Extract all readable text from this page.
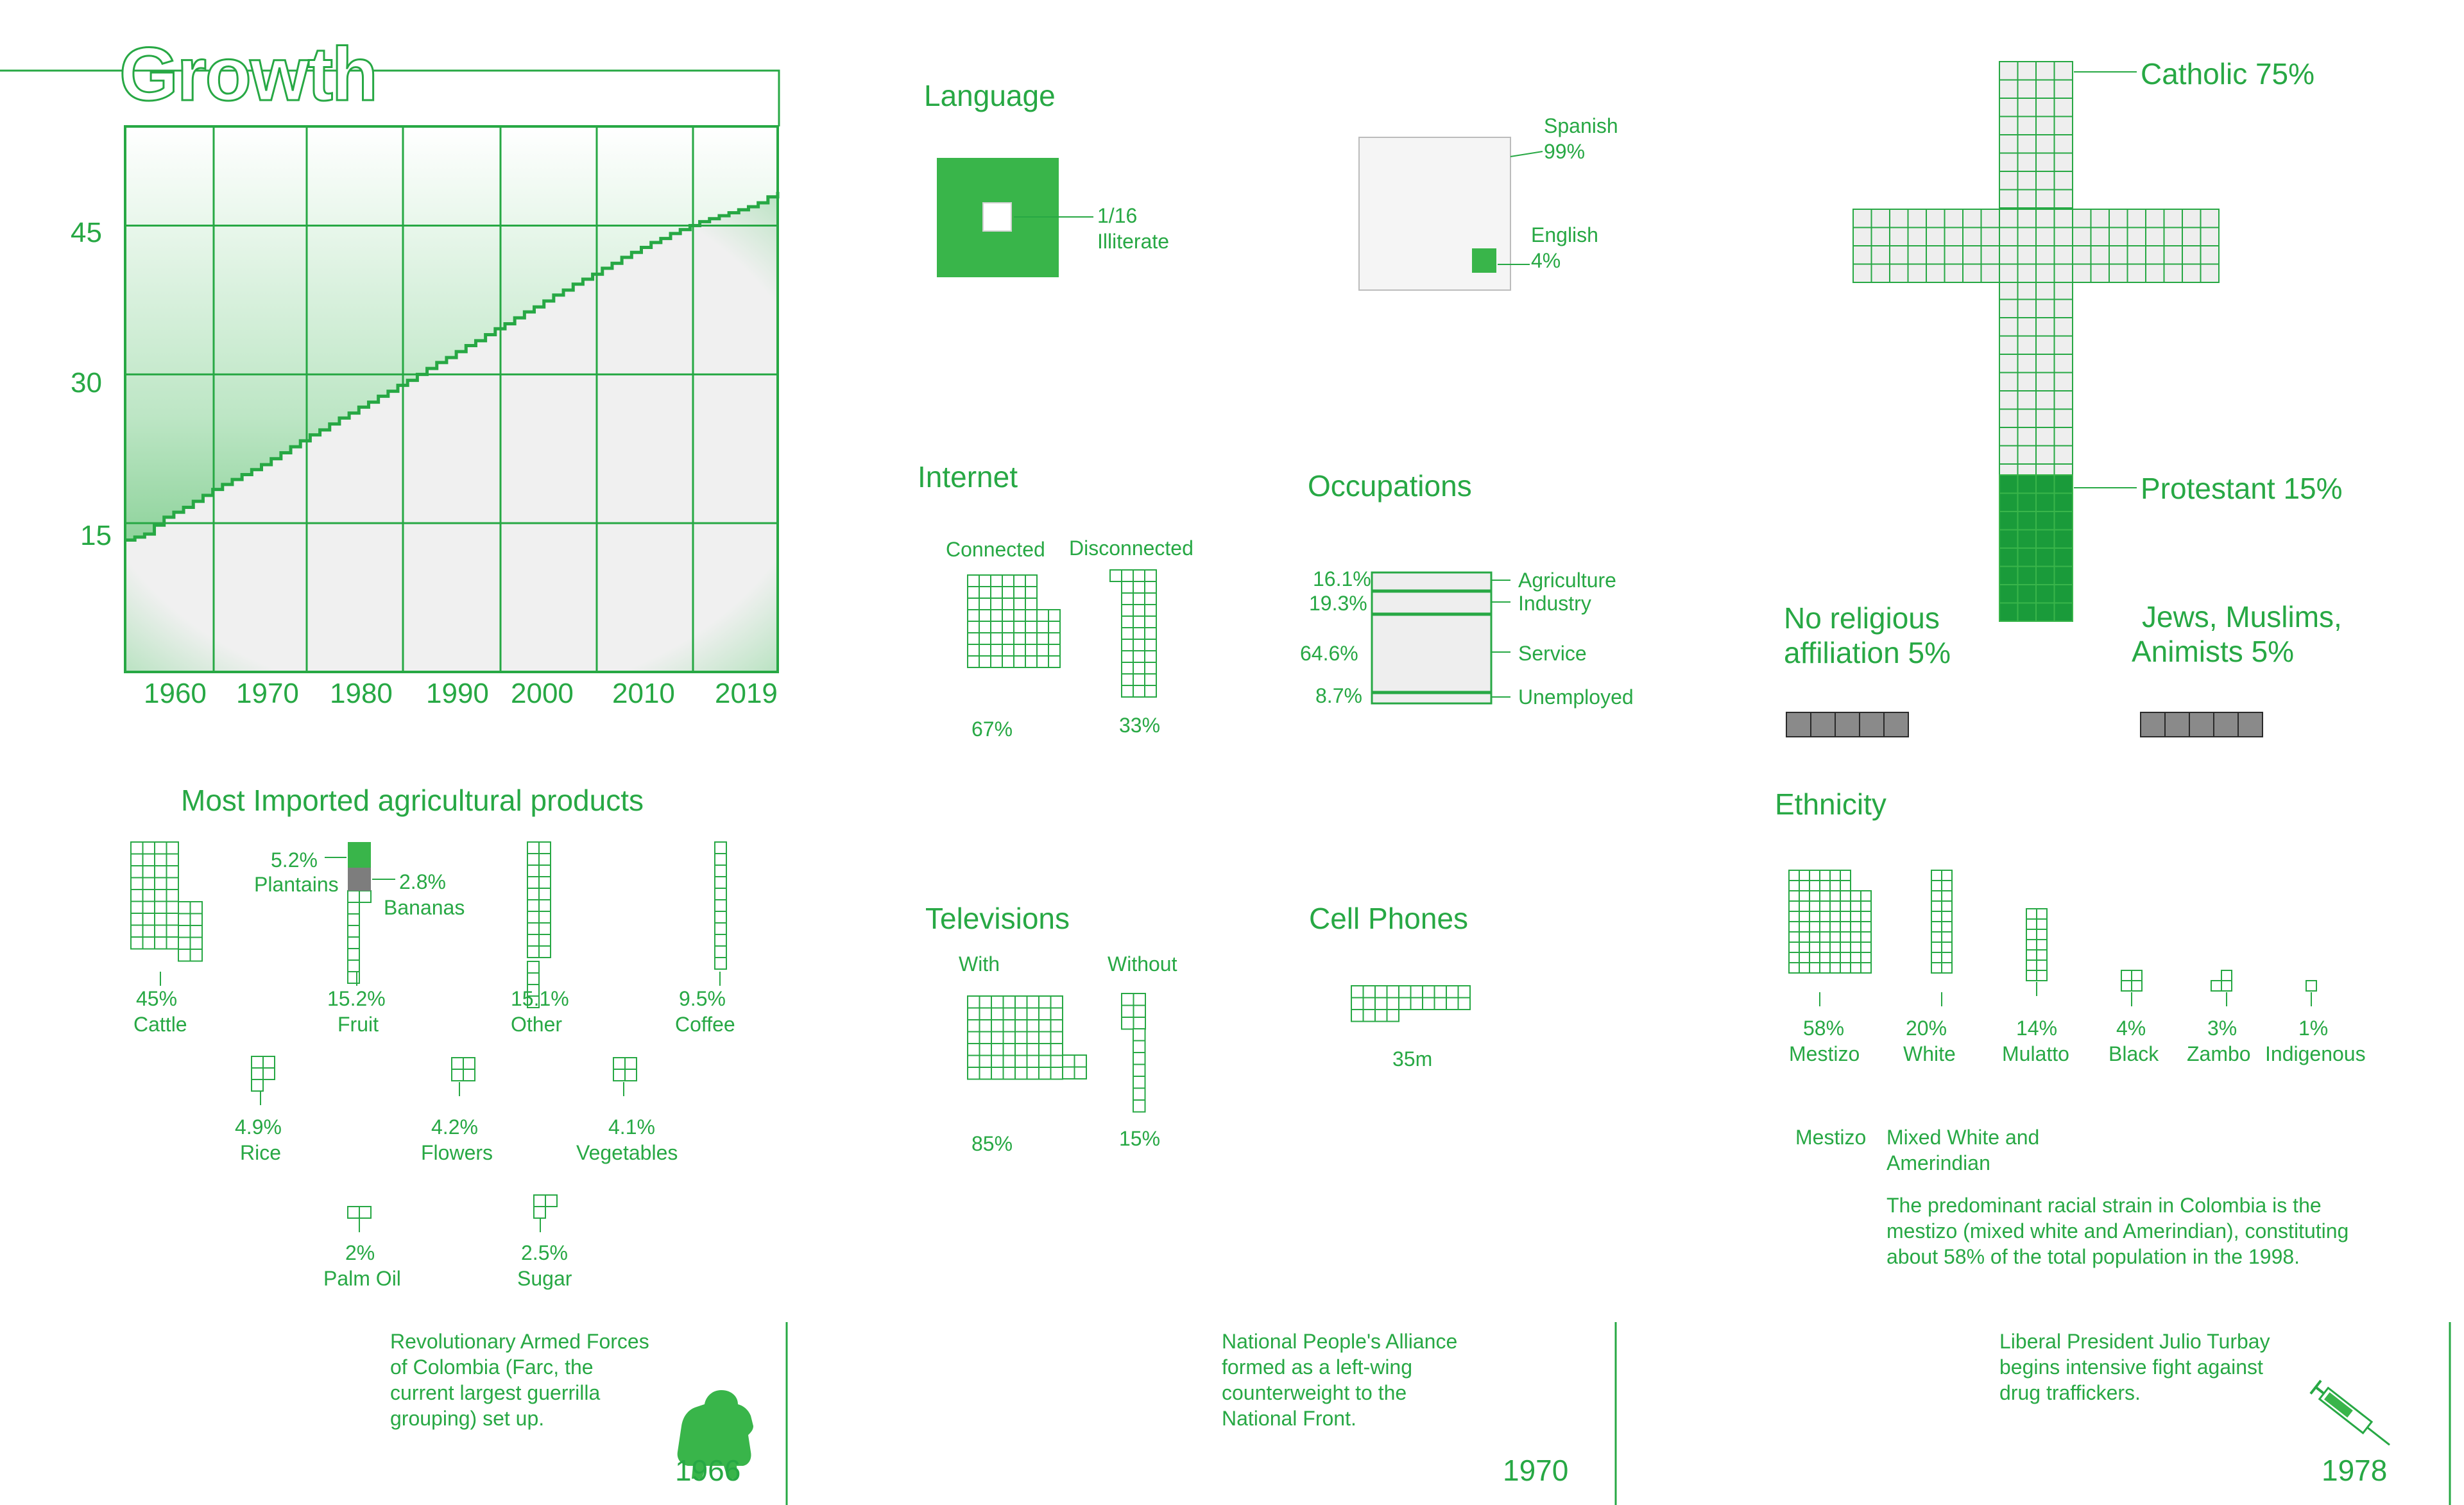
Growth
45
30
15
1960 1970 1980 1990 2000 2010 2019
Language
1/16
Illiterate
Spanish
99%
English
4%
Internet
Connected Disconnected
67%	33%
Occupations
16.1%
19.3%
64.6%
8.7%
Agriculture
Industry
Service
Unemployed
Catholic 75%
Protestant 15%
No religious
affiliation 5%
Jews, Muslims,
Animists 5%
Most Imported agricultural products
45%
Cattle
15.2%
Fruit
15.1%
Other
9.5%
Coffee
4.9%
Rice
4.2%
Flowers
4.1%
Vegetables
2%
Palm Oil
2.5%
Sugar
5.2%
Plantains	2.8%
Bananas	Televisions
With	Without
85%	15%
Cell Phones
35m
Ethnicity
58%
Mestizo
20%
White
14%
Mulatto
4%
Black
3%
Zambo
1%
Indigenous
Mestizo Mixed White and
Amerindian
The predominant racial strain in Colombia is the mestizo (mixed white and Amerindian), constituting about 58% of the total population in the 1998.
Revolutionary Armed Forces of Colombia (Farc, the current largest guerrilla grouping) set up.
1966
National People's Alliance formed as a left-wing counterweight to the National Front.
1970
Liberal President Julio Turbay begins intensive fight against drug traffickers.
1978
